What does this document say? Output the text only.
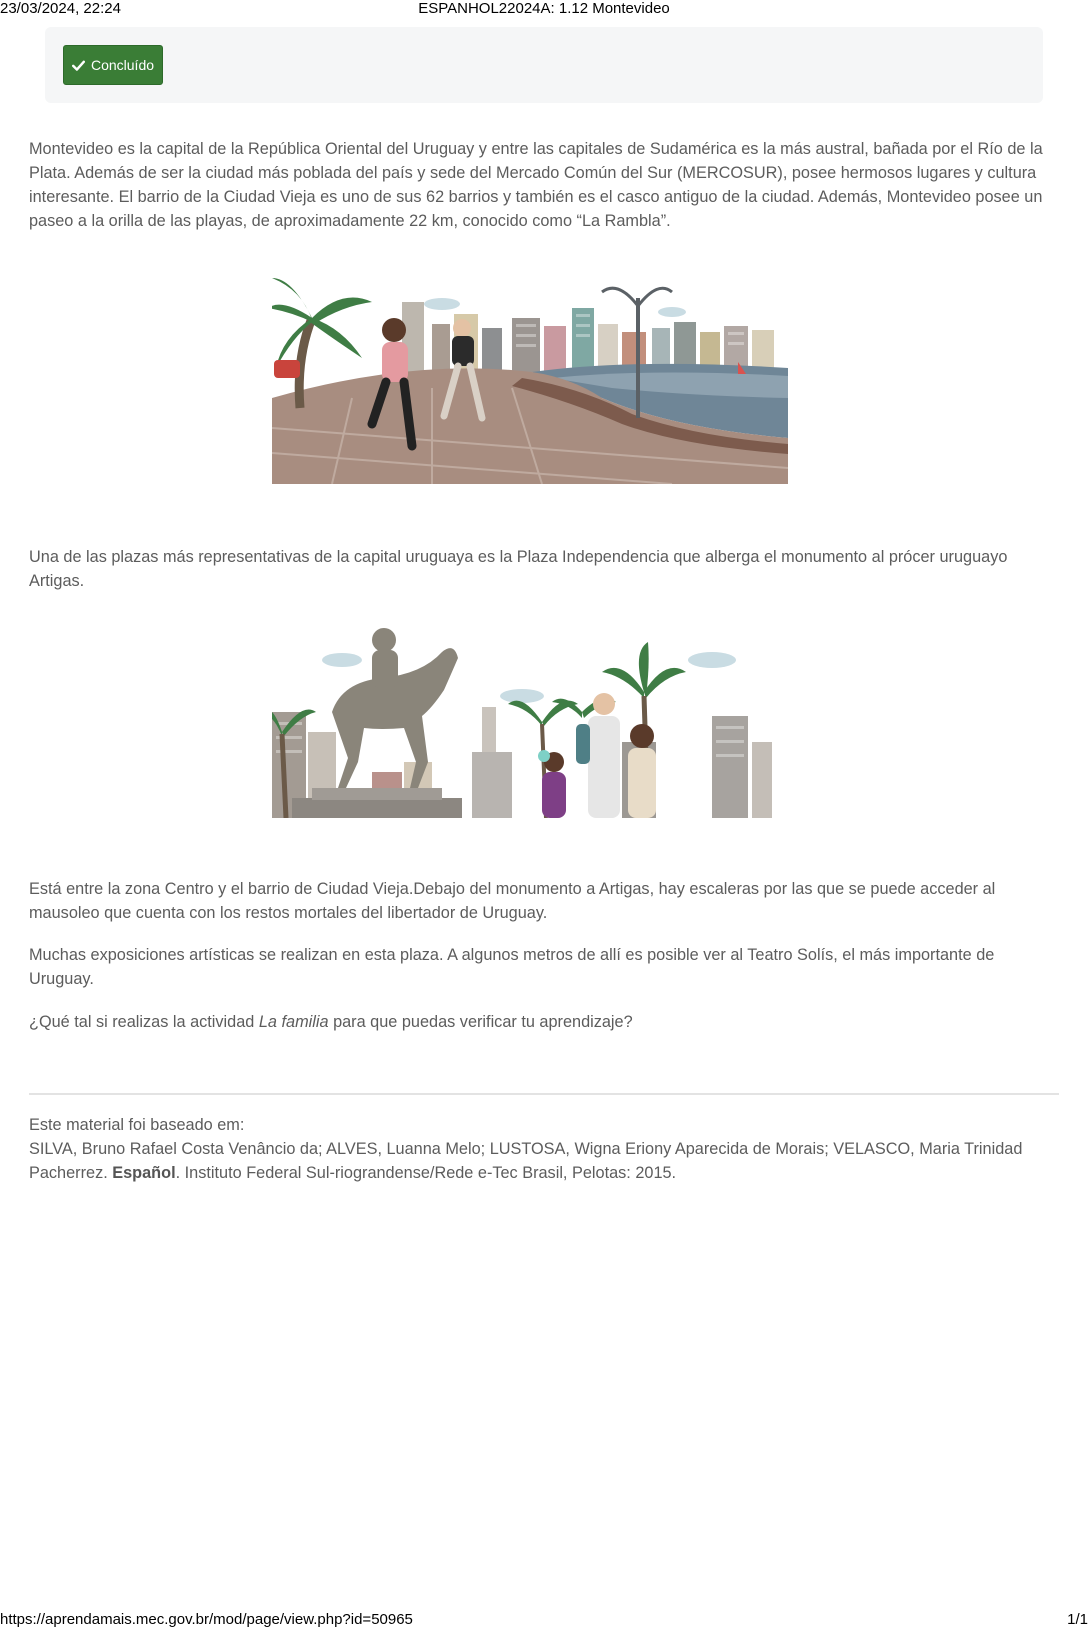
23/03/2024, 22:24	ESPANHOL22024A: 1.12 Montevideo
Concluído

Montevideo es la capital de la República Oriental del Uruguay y entre las capitales de Sudamérica es la más austral, bañada por el Río de la Plata. Además de ser la ciudad más poblada del país y sede del Mercado Común del Sur (MERCOSUR), posee hermosos lugares y cultura interesante. El barrio de la Ciudad Vieja es uno de sus 62 barrios y también es el casco antiguo de la ciudad. Además, Montevideo posee un paseo a la orilla de las playas, de aproximadamente 22 km, conocido como “La Rambla”.

Una de las plazas más representativas de la capital uruguaya es la Plaza Independencia que alberga el monumento al prócer uruguayo Artigas.

Está entre la zona Centro y el barrio de Ciudad Vieja.Debajo del monumento a Artigas, hay escaleras por las que se puede acceder al mausoleo que cuenta con los restos mortales del libertador de Uruguay.

Muchas exposiciones artísticas se realizan en esta plaza. A algunos metros de allí es posible ver al Teatro Solís, el más importante de Uruguay.

¿Qué tal si realizas la actividad La familia para que puedas verificar tu aprendizaje?

Este material foi baseado em:

SILVA, Bruno Rafael Costa Venâncio da; ALVES, Luanna Melo; LUSTOSA, Wigna Eriony Aparecida de Morais; VELASCO, Maria Trinidad Pacherrez. Español. Instituto Federal Sul-riograndense/Rede e-Tec Brasil, Pelotas: 2015.

https://aprendamais.mec.gov.br/mod/page/view.php?id=50965	1/1
